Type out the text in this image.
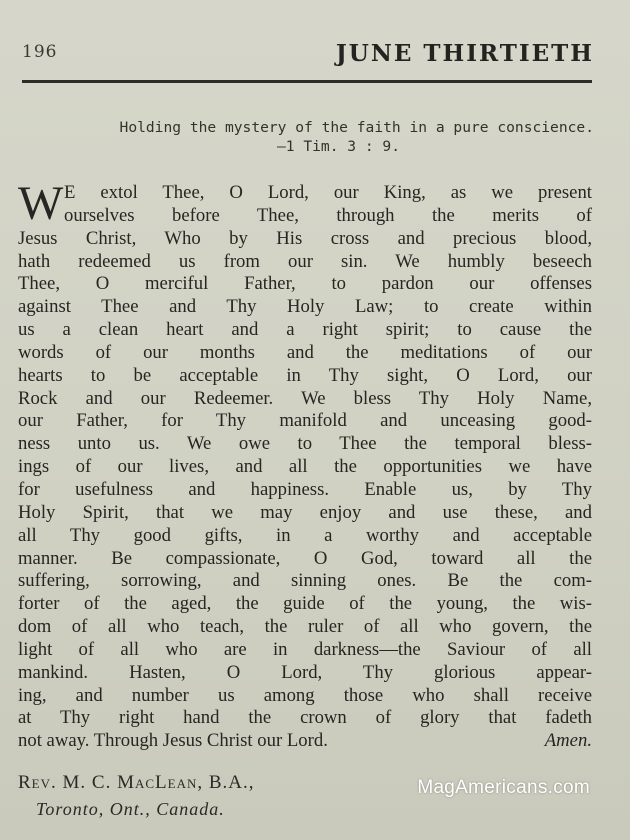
196	JUNE THIRTIETH
Holding the mystery of the faith in a pure conscience.
—1 Tim. 3 : 9.
W E extol Thee, O Lord, our King, as we present
ourselves before Thee, through the merits of
Jesus Christ, Who by His cross and precious blood,
hath redeemed us from our sin. We humbly beseech
Thee, O merciful Father, to pardon our offenses
against Thee and Thy Holy Law; to create within
us a clean heart and a right spirit; to cause the
words of our months and the meditations of our
hearts to be acceptable in Thy sight, O Lord, our
Rock and our Redeemer. We bless Thy Holy Name,
our Father, for Thy manifold and unceasing good-
ness unto us. We owe to Thee the temporal bless-
ings of our lives, and all the opportunities we have
for usefulness and happiness. Enable us, by Thy
Holy Spirit, that we may enjoy and use these, and
all Thy good gifts, in a worthy and acceptable
manner. Be compassionate, O God, toward all the
suffering, sorrowing, and sinning ones. Be the com-
forter of the aged, the guide of the young, the wis-
dom of all who teach, the ruler of all who govern, the
light of all who are in darkness—the Saviour of all
mankind. Hasten, O Lord, Thy glorious appear-
ing, and number us among those who shall receive
at Thy right hand the crown of glory that fadeth
not away. Through Jesus Christ our Lord.	Amen.
Rev. M. C. MacLean, B.A.,
Toronto, Ont., Canada.
MagAmericans.com
